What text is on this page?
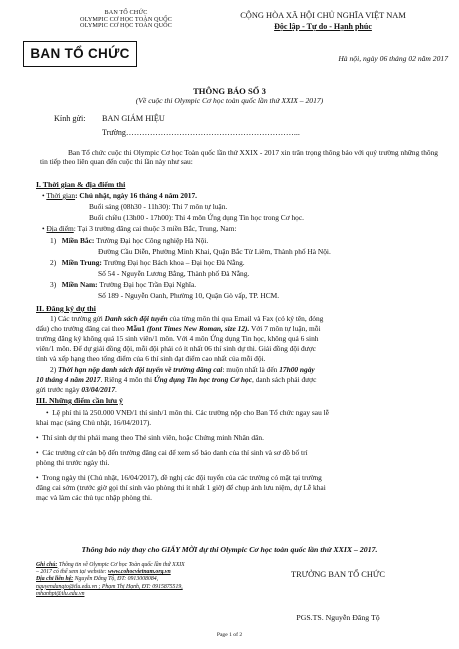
BAN TỔ CHỨC
OLYMPIC CƠ HỌC TOÀN QUỐC
OLYMPIC CƠ HỌC TOÀN QUỐC
BAN TỔ CHỨC
CỘNG HÒA XÃ HỘI CHỦ NGHĨA VIỆT NAM
Độc lập - Tự do - Hạnh phúc
Hà nội, ngày 06 tháng 02 năm 2017
THÔNG BÁO SỐ 3
(Về cuộc thi Olympic Cơ học toàn quốc lần thứ XXIX – 2017)
Kính gửi: BAN GIÁM HIỆU
Trường………………………………………………………...

Ban Tổ chức cuộc thi Olympic Cơ học Toàn quốc lần thứ XXIX - 2017 xin trân trọng thông báo với quý trường những thông tin tiếp theo liên quan đến cuộc thi lần này như sau:

I. Thời gian & địa điểm thi
• Thời gian: Chủ nhật, ngày 16 tháng 4 năm 2017.
Buổi sáng (08h30 - 11h30): Thi 7 môn tự luận.
Buổi chiều (13h00 - 17h00): Thi 4 môn Ứng dụng Tin học trong Cơ học.
• Địa điểm: Tại 3 trường đăng cai thuộc 3 miền Bắc, Trung, Nam:
1) Miền Bắc: Trường Đại học Công nghiệp Hà Nội.
Đường Cầu Diễn, Phường Minh Khai, Quận Bắc Từ Liêm, Thành phố Hà Nội.
2) Miền Trung: Trường Đại học Bách khoa – Đại học Đà Nẵng.
Số 54 - Nguyễn Lương Bằng, Thành phố Đà Nẵng.
3) Miền Nam: Trường Đại học Trần Đại Nghĩa.
Số 189 - Nguyễn Oanh, Phường 10, Quận Gò vấp, TP. HCM.
II. Đăng ký dự thi
1) Các trường gửi Danh sách đội tuyển của từng môn thi qua Email và Fax (có ký tên, đóng
dấu) cho trường đăng cai theo Mẫu1 (font Times New Roman, size 12). Với 7 môn tự luận, mỗi
trường đăng ký không quá 15 sinh viên/1 môn. Với 4 môn Ứng dụng Tin học, không quá 6 sinh
viên/1 môn. Để dự giải đồng đội, mỗi đội phải có ít nhất 06 thí sinh dự thi. Giải đồng đội được
tính và xếp hạng theo tổng điểm của 6 thí sinh đạt điểm cao nhất của mỗi đội.
2) Thời hạn nộp danh sách đội tuyển về trường đăng cai: muộn nhất là đến 17h00 ngày
10 tháng 4 năm 2017. Riêng 4 môn thi Ứng dụng Tin học trong Cơ học, danh sách phải được
gửi trước ngày 03/04/2017.
III. Những điểm cần lưu ý
• Lệ phí thi là 250.000 VNĐ/1 thí sinh/1 môn thi. Các trường nộp cho Ban Tổ chức ngay sau lễ
khai mạc (sáng Chủ nhật, 16/04/2017).
• Thí sinh dự thi phải mang theo Thẻ sinh viên, hoặc Chứng minh Nhân dân.
• Các trường cử cán bộ đến trường đăng cai để xem sổ báo danh của thí sinh và sơ đồ bố trí
phòng thi trước ngày thi.
• Trong ngày thi (Chủ nhật, 16/04/2017), đề nghị các đội tuyển của các trường có mặt tại trường
đăng cai sớm (trước giờ gọi thí sinh vào phòng thi ít nhất 1 giờ) để chụp ảnh lưu niệm, dự Lễ khai
mạc và làm các thủ tục nhập phòng thi.
Thông báo này thay cho GIẤY MỜI dự thi Olympic Cơ học toàn quốc lần thứ XXIX – 2017.
Ghi chú: Thông tin về Olympic Cơ học Toàn quốc lần thứ XXIX
– 2017 có thể xem tại website: www.cohocvietnam.org.vn
Địa chỉ liên hệ: Nguyễn Đăng Tộ, ĐT: 0913008084,
nguyendangto@tlu.edu.vn ; Phạm Thị Hạnh, ĐT: 0915875519,
mhanhpt@tlu.edu.vn
TRƯỞNG BAN TỔ CHỨC
PGS.TS. Nguyễn Đăng Tộ
Page 1 of 2
